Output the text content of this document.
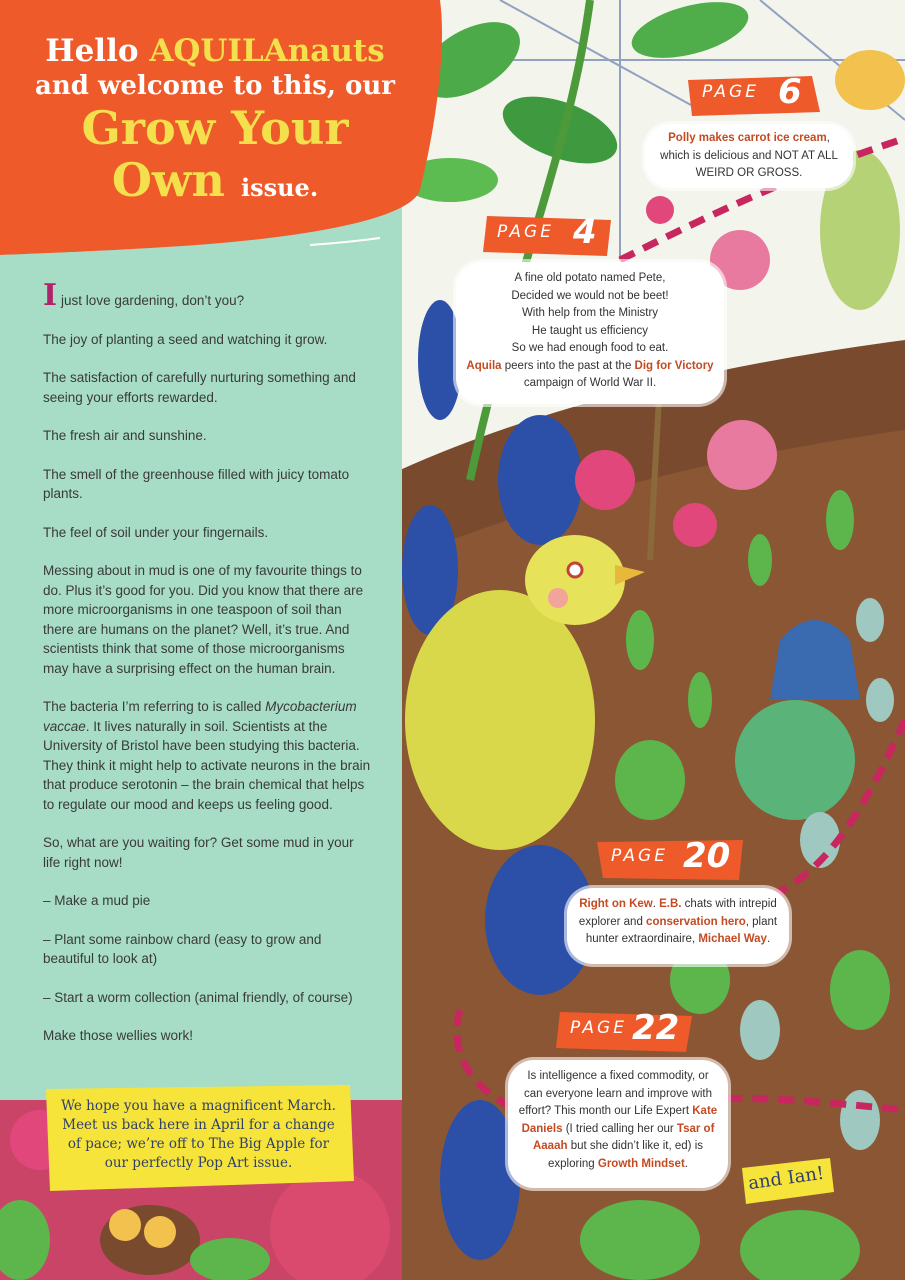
Hello AQUILAnauts
and welcome to this, our
Grow Your
Own issue.

Ijust love gardening, don’t you?

The joy of planting a seed and watching it grow.

The satisfaction of carefully nurturing something and seeing your efforts rewarded.

The fresh air and sunshine.

The smell of the greenhouse filled with juicy tomato plants.

The feel of soil under your fingernails.

Messing about in mud is one of my favourite things to do. Plus it’s good for you. Did you know that there are more microorganisms in one teaspoon of soil than there are humans on the planet? Well, it’s true. And scientists think that some of those microorganisms may have a surprising effect on the human brain.

The bacteria I’m referring to is called Mycobacterium vaccae. It lives naturally in soil. Scientists at the University of Bristol have been studying this bacteria. They think it might help to activate neurons in the brain that produce serotonin – the brain chemical that helps to regulate our mood and keeps us feeling good.

So, what are you waiting for? Get some mud in your life right now!

– Make a mud pie

– Plant some rainbow chard (easy to grow and beautiful to look at)

– Start a worm collection (animal friendly, of course)

Make those wellies work!

We hope you have a magnificent March. Meet us back here in April for a change of pace; we’re off to The Big Apple for our perfectly Pop Art issue.
PAGE 6
Polly makes carrot ice cream, which is delicious and NOT AT ALL WEIRD OR GROSS.
PAGE 4
A fine old potato named Pete,
Decided we would not be beet!
With help from the Ministry
He taught us efficiency
So we had enough food to eat.
Aquila peers into the past at the Dig for Victory
campaign of World War II.
PAGE 20
Right on Kew. E.B. chats with intrepid explorer and conservation hero, plant hunter extraordinaire, Michael Way.
PAGE 22
Is intelligence a fixed commodity, or can everyone learn and improve with effort? This month our Life Expert Kate Daniels (I tried calling her our Tsar of Aaaah but she didn’t like it, ed) is exploring Growth Mindset.	and Ian!
